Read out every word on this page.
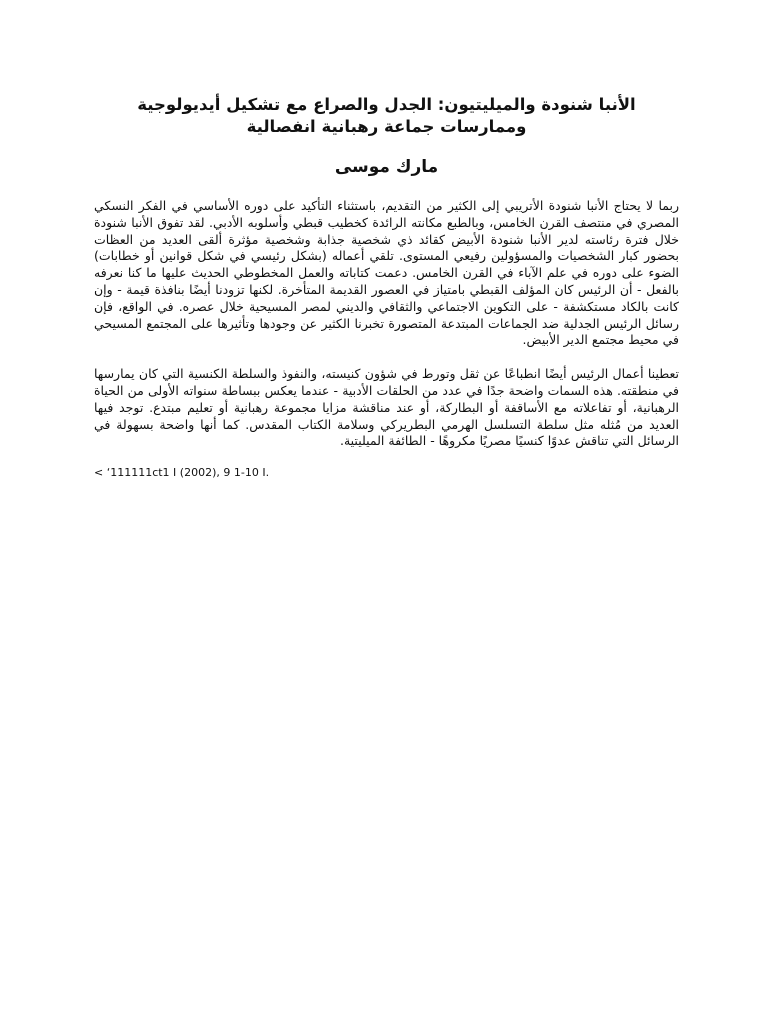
الأنبا شنودة والميليتيون: الجدل والصراع مع تشكيل أيديولوجية
وممارسات جماعة رهبانية انفصالية
مارك موسى

ربما لا يحتاج الأنبا شنودة الأتريبي إلى الكثير من التقديم، باستثناء التأكيد على دوره الأساسي في الفكر النسكي المصري في منتصف القرن الخامس، وبالطبع مكانته الرائدة كخطيب قبطي وأسلوبه الأدبي. لقد تفوق الأنبا شنودة خلال فترة رئاسته لدير الأنبا شنودة الأبيض كقائد ذي شخصية جذابة وشخصية مؤثرة ألقى العديد من العظات بحضور كبار الشخصيات والمسؤولين رفيعي المستوى. تلقي أعماله (بشكل رئيسي في شكل قوانين أو خطابات) الضوء على دوره في علم الآباء في القرن الخامس. دعمت كتاباته والعمل المخطوطي الحديث عليها ما كنا نعرفه بالفعل - أن الرئيس كان المؤلف القبطي بامتياز في العصور القديمة المتأخرة. لكنها تزودنا أيضًا بنافذة قيمة - وإن كانت بالكاد مستكشفة - على التكوين الاجتماعي والثقافي والديني لمصر المسيحية خلال عصره. في الواقع، فإن رسائل الرئيس الجدلية ضد الجماعات المبتدعة المتصورة تخبرنا الكثير عن وجودها وتأثيرها على المجتمع المسيحي في محيط مجتمع الدير الأبيض.

تعطينا أعمال الرئيس أيضًا انطباعًا عن ثقل وتورط في شؤون كنيسته، والنفوذ والسلطة الكنسية التي كان يمارسها في منطقته. هذه السمات واضحة جدًا في عدد من الحلقات الأدبية - عندما يعكس ببساطة سنواته الأولى من الحياة الرهبانية، أو تفاعلاته مع الأساقفة أو البطاركة، أو عند مناقشة مزايا مجموعة رهبانية أو تعليم مبتدع. توجد فيها العديد من مُثله مثل سلطة التسلسل الهرمي البطريركي وسلامة الكتاب المقدس. كما أنها واضحة بسهولة في الرسائل التي تناقش عدوًا كنسيًا مصريًا مكروهًا - الطائفة الميليتية.

< ‘111111ct1 I (2002), 9 1-10 I.
